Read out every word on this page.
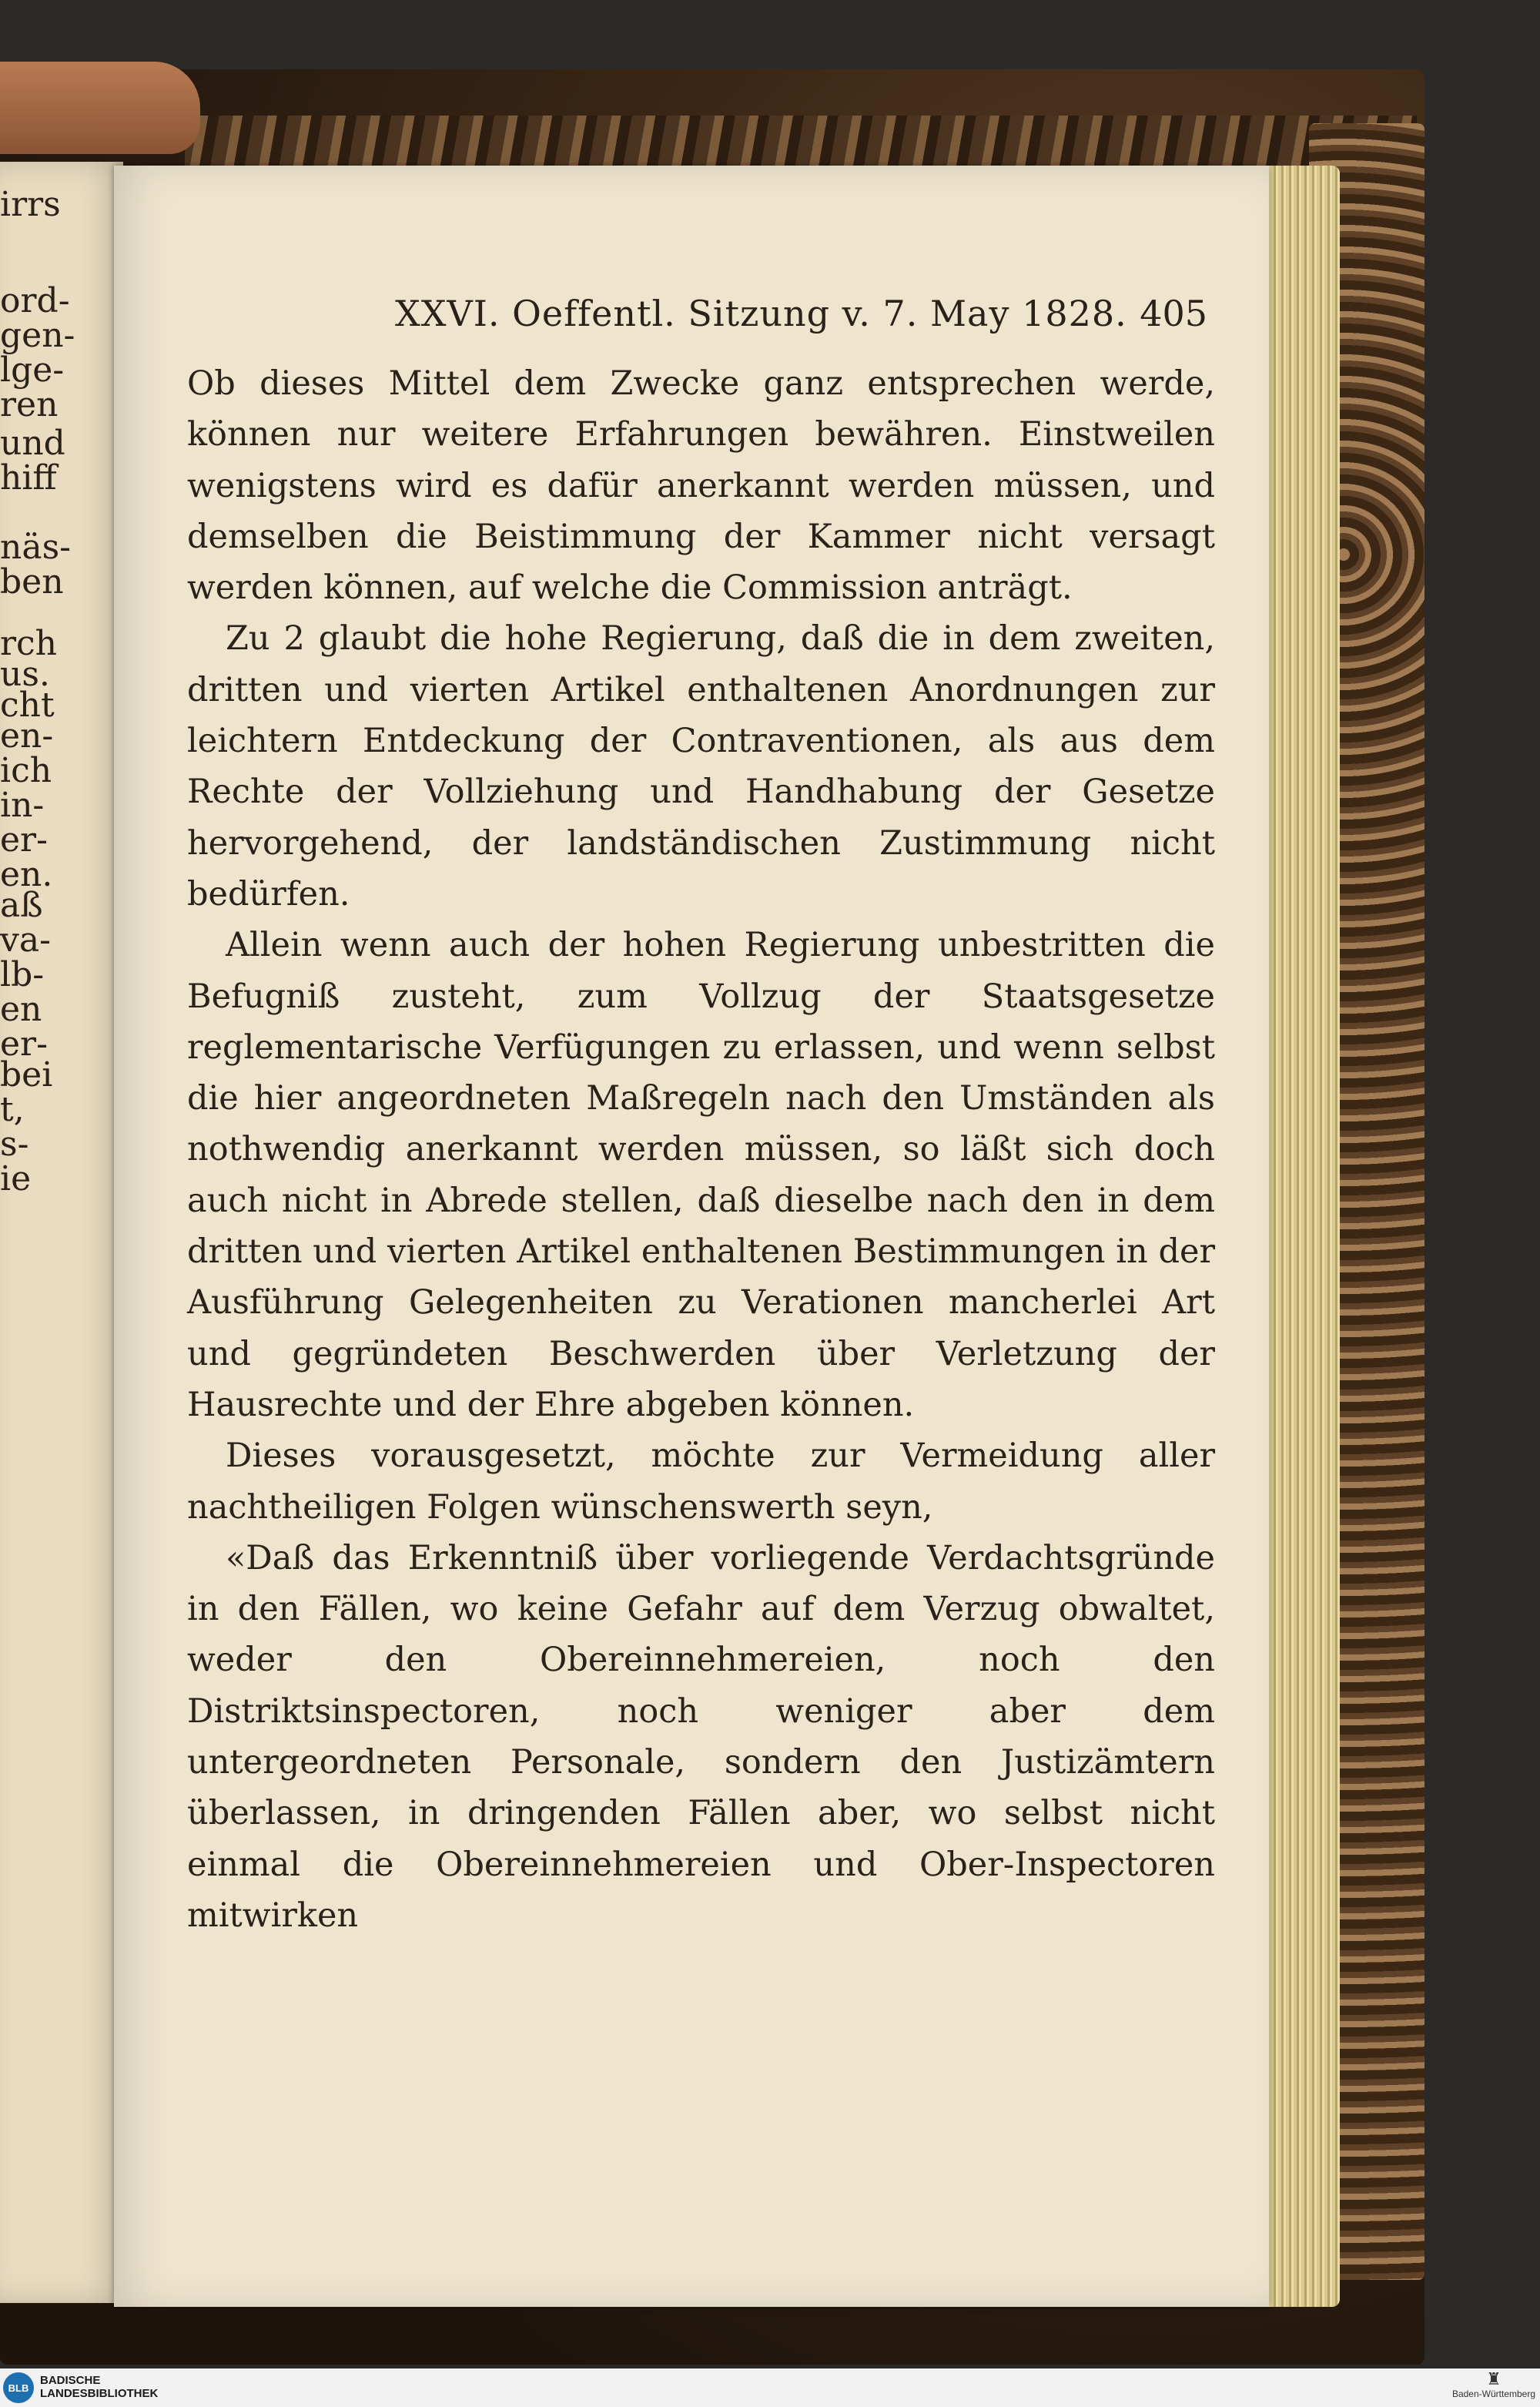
irrs
ord-
gen-
lge-
ren
und
hiff
näs-
ben
rch
us.
cht
en-
ich
in-
er-
en.
aß
va-
lb-
en
er-
bei
t,
s-
ie
XXVI. Oeffentl. Sitzung v. 7. May 1828. 405

Ob dieses Mittel dem Zwecke ganz entsprechen werde, können nur weitere Erfahrungen bewähren. Einstweilen wenigstens wird es dafür anerkannt werden müssen, und demselben die Beistimmung der Kammer nicht versagt werden können, auf welche die Commission anträgt.

Zu 2 glaubt die hohe Regierung, daß die in dem zweiten, dritten und vierten Artikel enthaltenen Anordnungen zur leichtern Entdeckung der Contraventionen, als aus dem Rechte der Vollziehung und Handhabung der Gesetze hervorgehend, der landständischen Zustimmung nicht bedürfen.

Allein wenn auch der hohen Regierung unbestritten die Befugniß zusteht, zum Vollzug der Staatsgesetze reglementarische Verfügungen zu erlassen, und wenn selbst die hier angeordneten Maßregeln nach den Umständen als nothwendig anerkannt werden müssen, so läßt sich doch auch nicht in Abrede stellen, daß dieselbe nach den in dem dritten und vierten Artikel enthaltenen Bestimmungen in der Ausführung Gelegenheiten zu Verationen mancherlei Art und gegründeten Beschwerden über Verletzung der Hausrechte und der Ehre abgeben können.

Dieses vorausgesetzt, möchte zur Vermeidung aller nachtheiligen Folgen wünschenswerth seyn,

«Daß das Erkenntniß über vorliegende Verdachtsgründe in den Fällen, wo keine Gefahr auf dem Verzug obwaltet, weder den Obereinnehmereien, noch den Distriktsinspectoren, noch weniger aber dem untergeordneten Personale, sondern den Justizämtern überlassen, in dringenden Fällen aber, wo selbst nicht einmal die Obereinnehmereien und Ober-Inspectoren mitwirken

BLB
BADISCHE
LANDESBIBLIOTHEK
♜
Baden-Württemberg
